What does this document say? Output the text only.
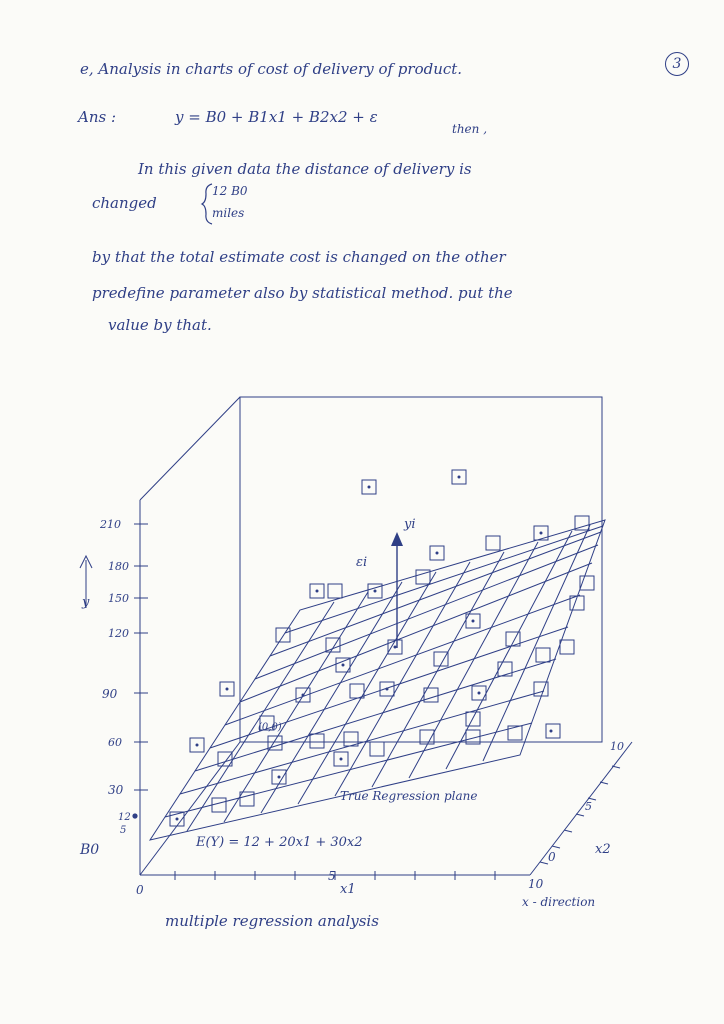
3
e, Analysis in charts of cost of delivery of product.
Ans :	y = B0 + B1x1 + B2x2 + ε
then ,
In this given data the distance of delivery is
changed
12 B0
miles
by that the total estimate cost is changed on the other
predefine parameter also by statistical method. put the
value by that.
210
180
150
120
90
60
30
12
5
y
B0
0
5
x1	10
0
5
10
x2
yi
εi
(0,0)
True Regression plane
E(Y) = 12 + 20x1 + 30x2
x - direction
multiple regression analysis
